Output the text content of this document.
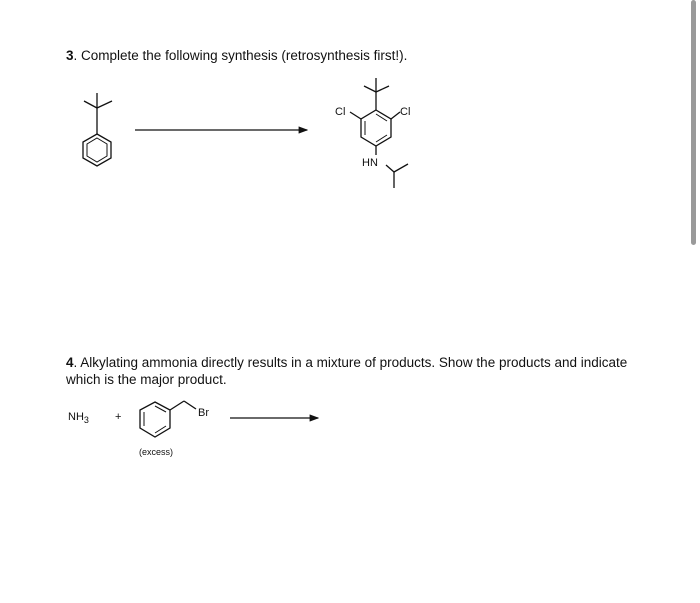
3. Complete the following synthesis (retrosynthesis first!).

4. Alkylating ammonia directly results in a mixture of products. Show the products and indicate which is the major product.

Cl	Cl
HN
$NH_3$ +	Br
(excess)
